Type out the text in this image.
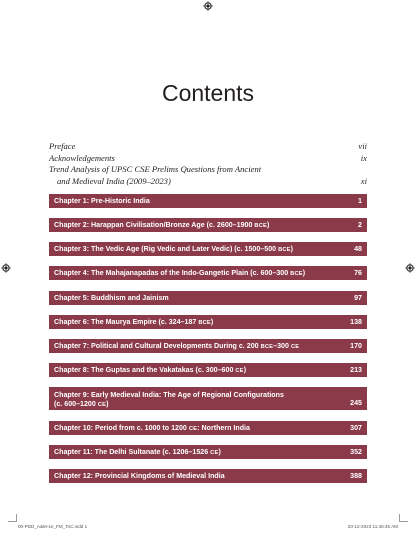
Contents
Preface	vii
Acknowledgements	ix
Trend Analysis of UPSC CSE Prelims Questions from Ancient
and Medieval India (2009–2023)	xi
Chapter 1: Pre-Historic India	1
Chapter 2: Harappan Civilisation/Bronze Age (c. 2600–1900 BCE)	2
Chapter 3: The Vedic Age (Rig Vedic and Later Vedic) (c. 1500–500 BCE)	48
Chapter 4: The Mahajanapadas of the Indo-Gangetic Plain (c. 600–300 BCE)	76
Chapter 5: Buddhism and Jainism	97
Chapter 6: The Maurya Empire (c. 324–187 BCE)	138
Chapter 7: Political and Cultural Developments During c. 200 BCE–300 CE	170
Chapter 8: The Guptas and the Vakatakas (c. 300–600 CE)	213
Chapter 9: Early Medieval India: The Age of Regional Configurations
(c. 600–1200 CE)	245
Chapter 10: Period from c. 1000 to 1200 CE: Northern India	307
Chapter 11: The Delhi Sultanate (c. 1206–1526 CE)	352
Chapter 12: Provincial Kingdoms of Medieval India	388
00-PDD_A&M-1e_FM_ToC.indd 1	20-12-2023 11:46:45 AM
